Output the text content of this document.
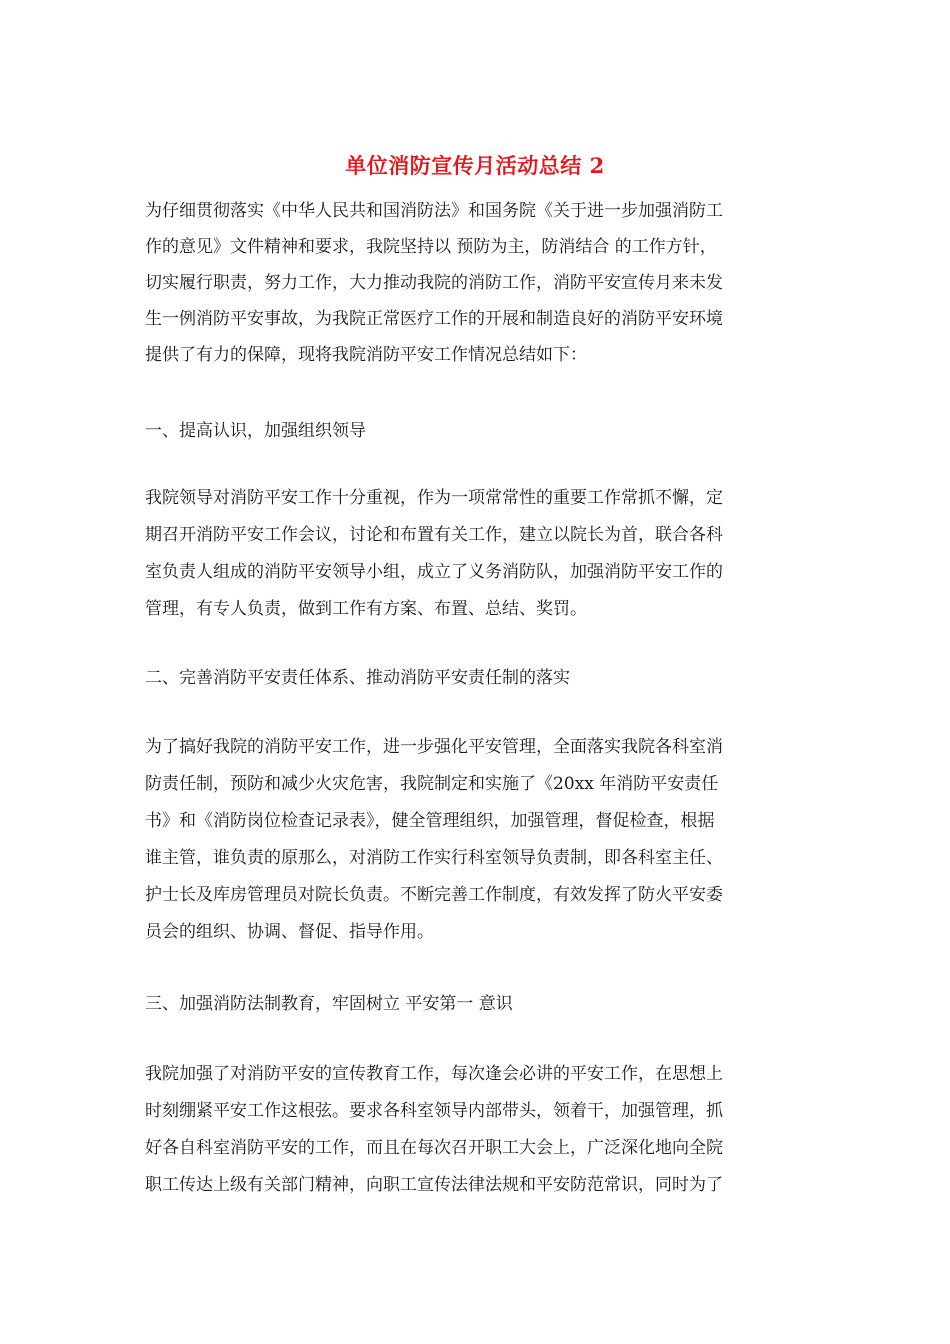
单位消防宣传月活动总结 2
为仔细贯彻落实《中华人民共和国消防法》和国务院《关于进一步加强消防工
作的意见》文件精神和要求，我院坚持以 预防为主，防消结合 的工作方针，
切实履行职责，努力工作，大力推动我院的消防工作，消防平安宣传月来未发
生一例消防平安事故，为我院正常医疗工作的开展和制造良好的消防平安环境
提供了有力的保障，现将我院消防平安工作情况总结如下：
一、提高认识，加强组织领导
我院领导对消防平安工作十分重视，作为一项常常性的重要工作常抓不懈，定
期召开消防平安工作会议，讨论和布置有关工作，建立以院长为首，联合各科
室负责人组成的消防平安领导小组，成立了义务消防队，加强消防平安工作的
管理，有专人负责，做到工作有方案、布置、总结、奖罚。
二、完善消防平安责任体系、推动消防平安责任制的落实
为了搞好我院的消防平安工作，进一步强化平安管理，全面落实我院各科室消
防责任制，预防和减少火灾危害，我院制定和实施了《20xx 年消防平安责任
书》和《消防岗位检查记录表》，健全管理组织，加强管理，督促检查，根据
谁主管，谁负责的原那么，对消防工作实行科室领导负责制，即各科室主任、
护士长及库房管理员对院长负责。不断完善工作制度，有效发挥了防火平安委
员会的组织、协调、督促、指导作用。
三、加强消防法制教育，牢固树立 平安第一 意识
我院加强了对消防平安的宣传教育工作，每次逢会必讲的平安工作，在思想上
时刻绷紧平安工作这根弦。要求各科室领导内部带头，领着干，加强管理，抓
好各自科室消防平安的工作，而且在每次召开职工大会上，广泛深化地向全院
职工传达上级有关部门精神，向职工宣传法律法规和平安防范常识，同时为了
